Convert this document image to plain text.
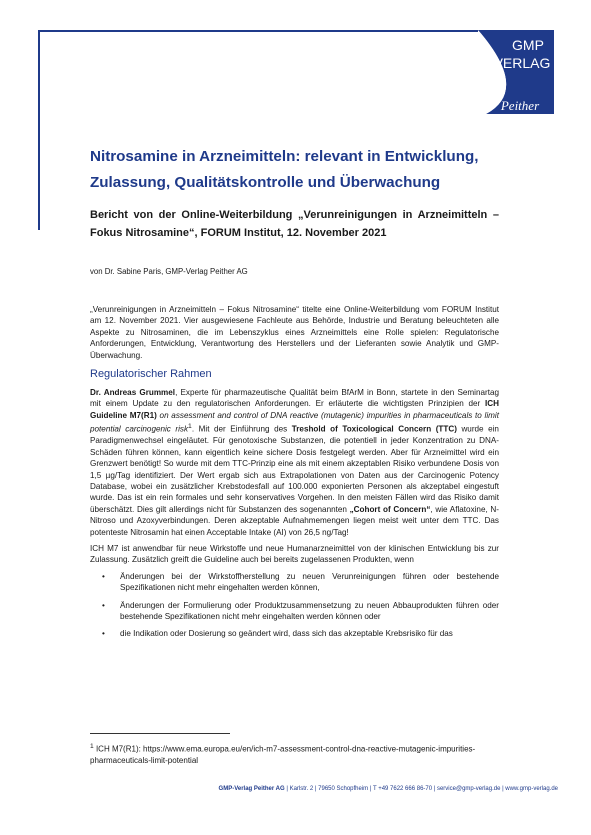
GMP
VERLAG
Peither
Nitrosamine in Arzneimitteln: relevant in Entwicklung, Zulassung, Qualitätskontrolle und Überwachung
Bericht von der Online-Weiterbildung „Verunreinigungen in Arzneimitteln – Fokus Nitrosamine“, FORUM Institut, 12. November 2021
von Dr. Sabine Paris, GMP-Verlag Peither AG
„Verunreinigungen in Arzneimitteln – Fokus Nitrosamine“ titelte eine Online-Weiterbildung vom FORUM Institut am 12. November 2021. Vier ausgewiesene Fachleute aus Behörde, Industrie und Beratung beleuchteten alle Aspekte zu Nitrosaminen, die im Lebenszyklus eines Arzneimittels eine Rolle spielen: Regulatorische Anforderungen, Entwicklung, Verantwortung des Herstellers und der Lieferanten sowie Analytik und GMP-Überwachung.
Regulatorischer Rahmen

Dr. Andreas Grummel, Experte für pharmazeutische Qualität beim BfArM in Bonn, startete in den Seminartag mit einem Update zu den regulatorischen Anforderungen. Er erläuterte die wichtigsten Prinzipien der ICH Guideline M7(R1) on assessment and control of DNA reactive (mutagenic) impurities in pharmaceuticals to limit potential carcinogenic risk$^1$. Mit der Einführung des Treshold of Toxicological Concern (TTC) wurde ein Paradigmenwechsel eingeläutet. Für genotoxische Substanzen, die potentiell in jeder Konzentration zu DNA-Schäden führen können, kann eigentlich keine sichere Dosis festgelegt werden. Aber für Arzneimittel wird ein Grenzwert benötigt! So wurde mit dem TTC-Prinzip eine als mit einem akzeptablen Risiko verbundene Dosis von 1,5 µg/Tag identifiziert. Der Wert ergab sich aus Extrapolationen von Daten aus der Carcinogenic Potency Database, wobei ein zusätzlicher Krebstodesfall auf 100.000 exponierten Personen als akzeptabel eingestuft wurde. Das ist ein rein formales und sehr konservatives Vorgehen. In den meisten Fällen wird das Risiko damit überschätzt. Dies gilt allerdings nicht für Substanzen des sogenannten „Cohort of Concern“, wie Aflatoxine, N-Nitroso und Azoxyverbindungen. Deren akzeptable Aufnahmemengen liegen meist weit unter dem TTC. Das potenteste Nitrosamin hat einen Acceptable Intake (AI) von 26,5 ng/Tag!

ICH M7 ist anwendbar für neue Wirkstoffe und neue Humanarzneimittel von der klinischen Entwicklung bis zur Zulassung. Zusätzlich greift die Guideline auch bei bereits zugelassenen Produkten, wenn

• Änderungen bei der Wirkstoffherstellung zu neuen Verunreinigungen führen oder bestehende Spezifikationen nicht mehr eingehalten werden können,
• Änderungen der Formulierung oder Produktzusammensetzung zu neuen Abbauprodukten führen oder bestehende Spezifikationen nicht mehr eingehalten werden können oder
• die Indikation oder Dosierung so geändert wird, dass sich das akzeptable Krebsrisiko für das
$^1$ ICH M7(R1): https://www.ema.europa.eu/en/ich-m7-assessment-control-dna-reactive-mutagenic-impurities-pharmaceuticals-limit-potential
GMP-Verlag Peither AG | Karlstr. 2 | 79650 Schopfheim | T +49 7622 666 86-70 | service@gmp-verlag.de | www.gmp-verlag.de
